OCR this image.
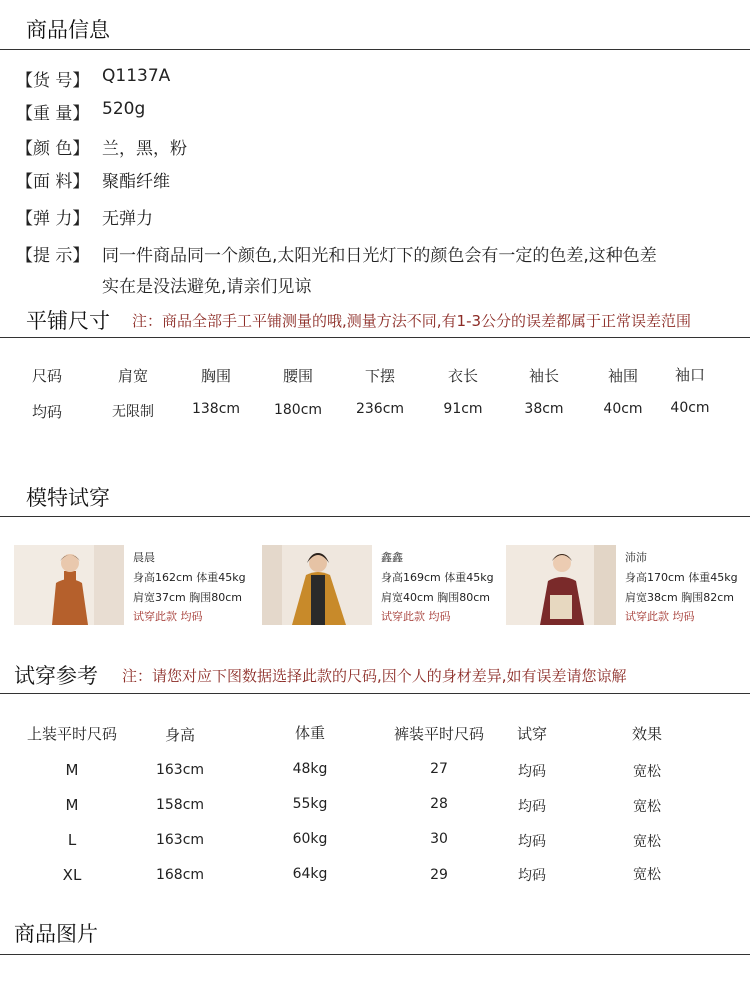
商品信息
【货 号】 Q1137A
【重 量】 520g
【颜 色】 兰，黑，粉
【面 料】 聚酯纤维
【弹 力】 无弹力
【提 示】 同一件商品同一个颜色,太阳光和日光灯下的颜色会有一定的色差,这种色差
实在是没法避免,请亲们见谅
平铺尺寸 注：商品全部手工平铺测量的哦,测量方法不同,有1-3公分的误差都属于正常误差范围
尺码	肩宽	胸围	腰围	下摆	衣长	袖长	袖围	袖口
均码	无限制	138cm	180cm	236cm	91cm	38cm	40cm	40cm
模特试穿
晨晨
身高162cm 体重45kg
肩宽37cm 胸围80cm
试穿此款 均码
鑫鑫
身高169cm 体重45kg
肩宽40cm 胸围80cm
试穿此款 均码
沛沛
身高170cm 体重45kg
肩宽38cm 胸围82cm
试穿此款 均码
试穿参考 注：请您对应下图数据选择此款的尺码,因个人的身材差异,如有误差请您谅解
上装平时尺码	身高	体重	裤装平时尺码	试穿	效果
M	163cm	48kg	27	均码	宽松
M	158cm	55kg	28	均码	宽松
L	163cm	60kg	30	均码	宽松
XL	168cm	64kg	29	均码	宽松
商品图片
